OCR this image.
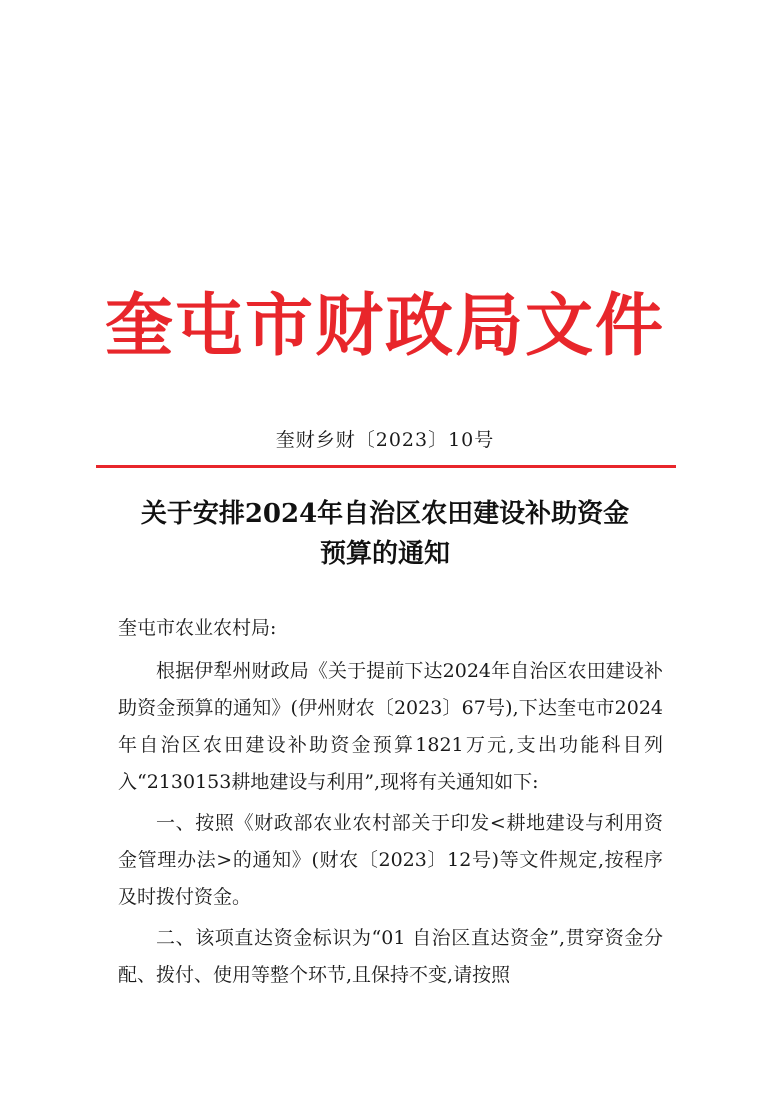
奎屯市财政局文件
奎财乡财〔2023〕10号
关于安排2024年自治区农田建设补助资金
预算的通知

奎屯市农业农村局:

根据伊犁州财政局《关于提前下达2024年自治区农田建设补助资金预算的通知》(伊州财农〔2023〕67号),下达奎屯市2024年自治区农田建设补助资金预算1821万元,支出功能科目列入“2130153耕地建设与利用”,现将有关通知如下:

一、按照《财政部农业农村部关于印发<耕地建设与利用资金管理办法>的通知》(财农〔2023〕12号)等文件规定,按程序及时拨付资金。

二、该项直达资金标识为“01 自治区直达资金”,贯穿资金分配、拨付、使用等整个环节,且保持不变,请按照
